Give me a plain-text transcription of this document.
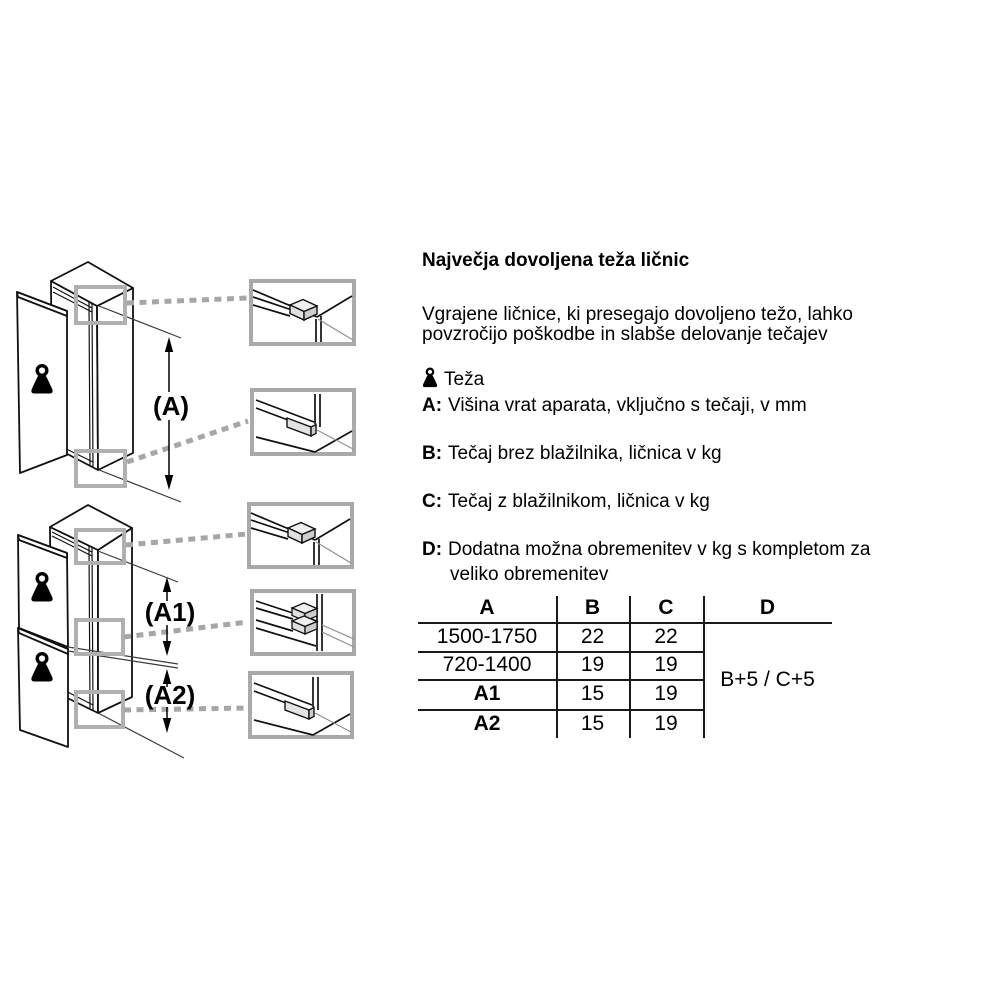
(A)
(A1)
(A2)
Največja dovoljena teža ličnic
Vgrajene ličnice, ki presegajo dovoljeno težo, lahko
povzročijo poškodbe in slabše delovanje tečajev
Teža
A: Višina vrat aparata, vključno s tečaji, v mm
B: Tečaj brez blažilnika, ličnica v kg
C: Tečaj z blažilnikom, ličnica v kg
D: Dodatna možna obremenitev v kg s kompletom za
veliko obremenitev
A	B	C	D
1500-1750	22	22
720-1400	19	19
A1	15	19
A2	15	19
B+5 / C+5
